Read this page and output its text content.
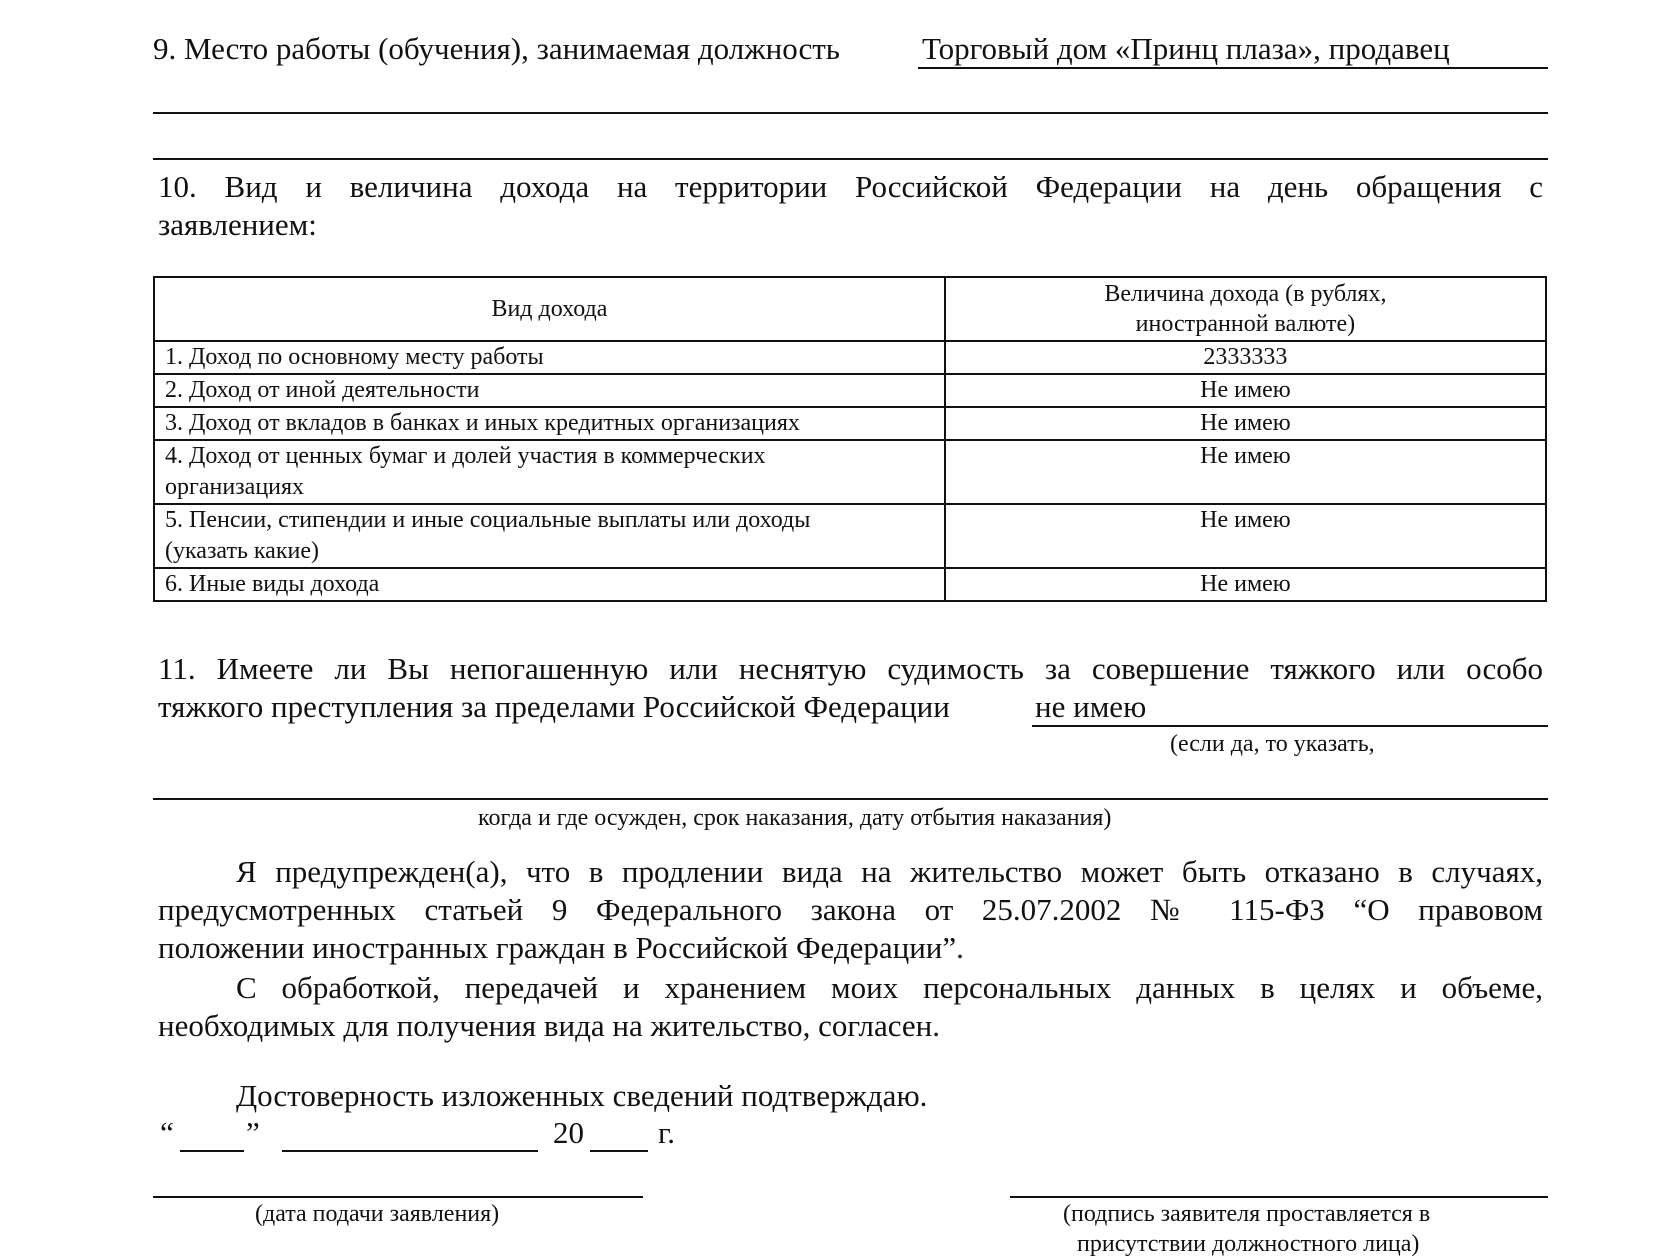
9. Место работы (обучения), занимаемая должность	Торговый дом «Принц плаза», продавец
10. Вид и величина дохода на территории Российской Федерации на день обращения с
заявлением:
Вид дохода	Величина дохода (в рублях,
иностранной валюте)

1. Доход по основному месту работы	2333333
2. Доход от иной деятельности	Не имею
3. Доход от вкладов в банках и иных кредитных организациях	Не имею

4. Доход от ценных бумаг и долей участия в коммерческих
организациях	Не имею

5. Пенсии, стипендии и иные социальные выплаты или доходы
(указать какие)	Не имею
6. Иные виды дохода	Не имею
11. Имеете ли Вы непогашенную или неснятую судимость за совершение тяжкого или особо
тяжкого преступления за пределами Российской Федерации	не имею
(если да, то указать,
когда и где осужден, срок наказания, дату отбытия наказания)
Я предупрежден(а), что в продлении вида на жительство может быть отказано в случаях,
предусмотренных статьей 9 Федерального закона от 25.07.2002 № 115-ФЗ “О правовом
положении иностранных граждан в Российской Федерации”.
С обработкой, передачей и хранением моих персональных данных в целях и объеме,
необходимых для получения вида на жительство, согласен.
Достоверность изложенных сведений подтверждаю.
“ ”	20 г.
(дата подачи заявления)	(подпись заявителя проставляется в
присутствии должностного лица)
